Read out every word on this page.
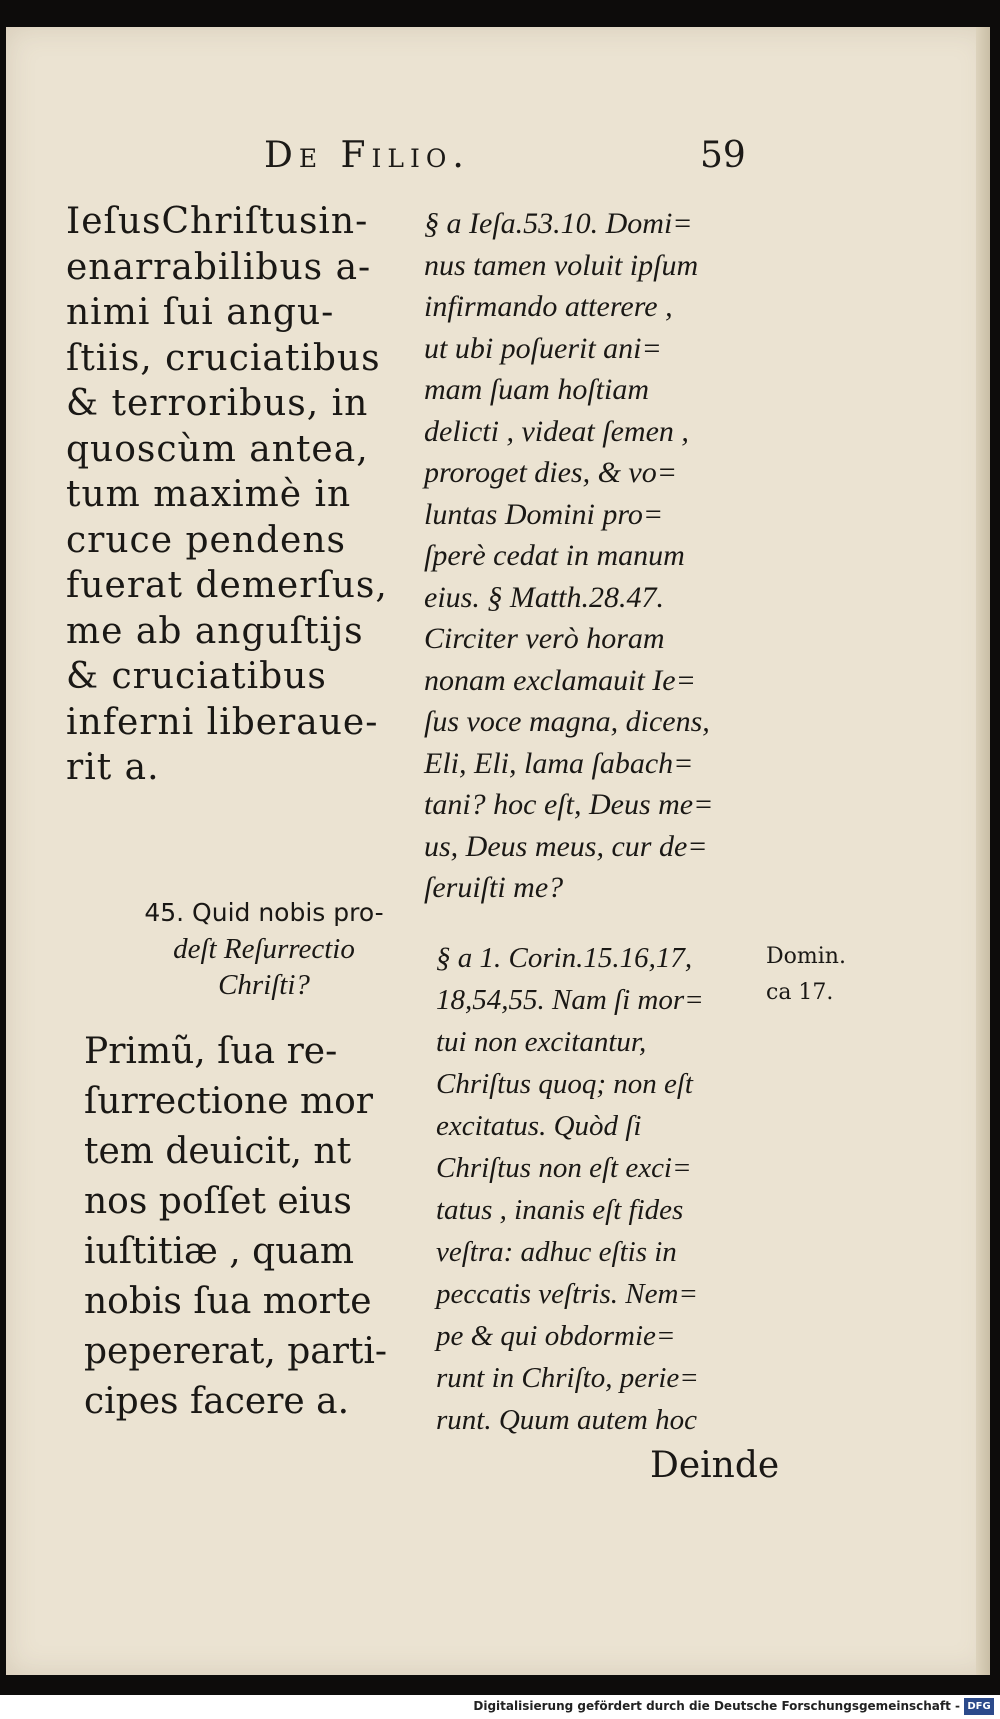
De Filio.	59
IeſusChriſtusin-
enarrabilibus a-
nimi ſui angu-
ſtiis, cruciatibus
& terroribus, in
quoscùm antea,
tum maximè in
cruce pendens
fuerat demerſus,
me ab anguſtijs
& cruciatibus
inferni liberaue-
rit a.
§ a Ieſa.53.10. Domi=
nus tamen voluit ipſum
infirmando atterere ,
ut ubi poſuerit ani=
mam ſuam hoſtiam
delicti , videat ſemen ,
proroget dies, & vo=
luntas Domini pro=
ſperè cedat in manum
eius. § Matth.28.47.
Circiter verò horam
nonam exclamauit Ie=
ſus voce magna, dicens,
Eli, Eli, lama ſabach=
tani? hoc eſt, Deus me=
us, Deus meus, cur de=
ſeruiſti me?
45. Quid nobis pro-
deſt Reſurrectio
Chriſti?
Primũ, ſua re-
ſurrectione mor
tem deuicit, nt
nos poſſet eius
iuſtitiæ , quam
nobis ſua morte
pepererat, parti-
cipes facere a.
§ a 1. Corin.15.16,17,
18,54,55. Nam ſi mor=
tui non excitantur,
Chriſtus quoq; non eſt
excitatus. Quòd ſi
Chriſtus non eſt exci=
tatus , inanis eſt fides
veſtra: adhuc eſtis in
peccatis veſtris. Nem=
pe & qui obdormie=
runt in Chriſto, perie=
runt. Quum autem hoc
Domin.
ca 17.
Deinde
Digitalisierung gefördert durch die Deutsche Forschungsgemeinschaft - DFG
